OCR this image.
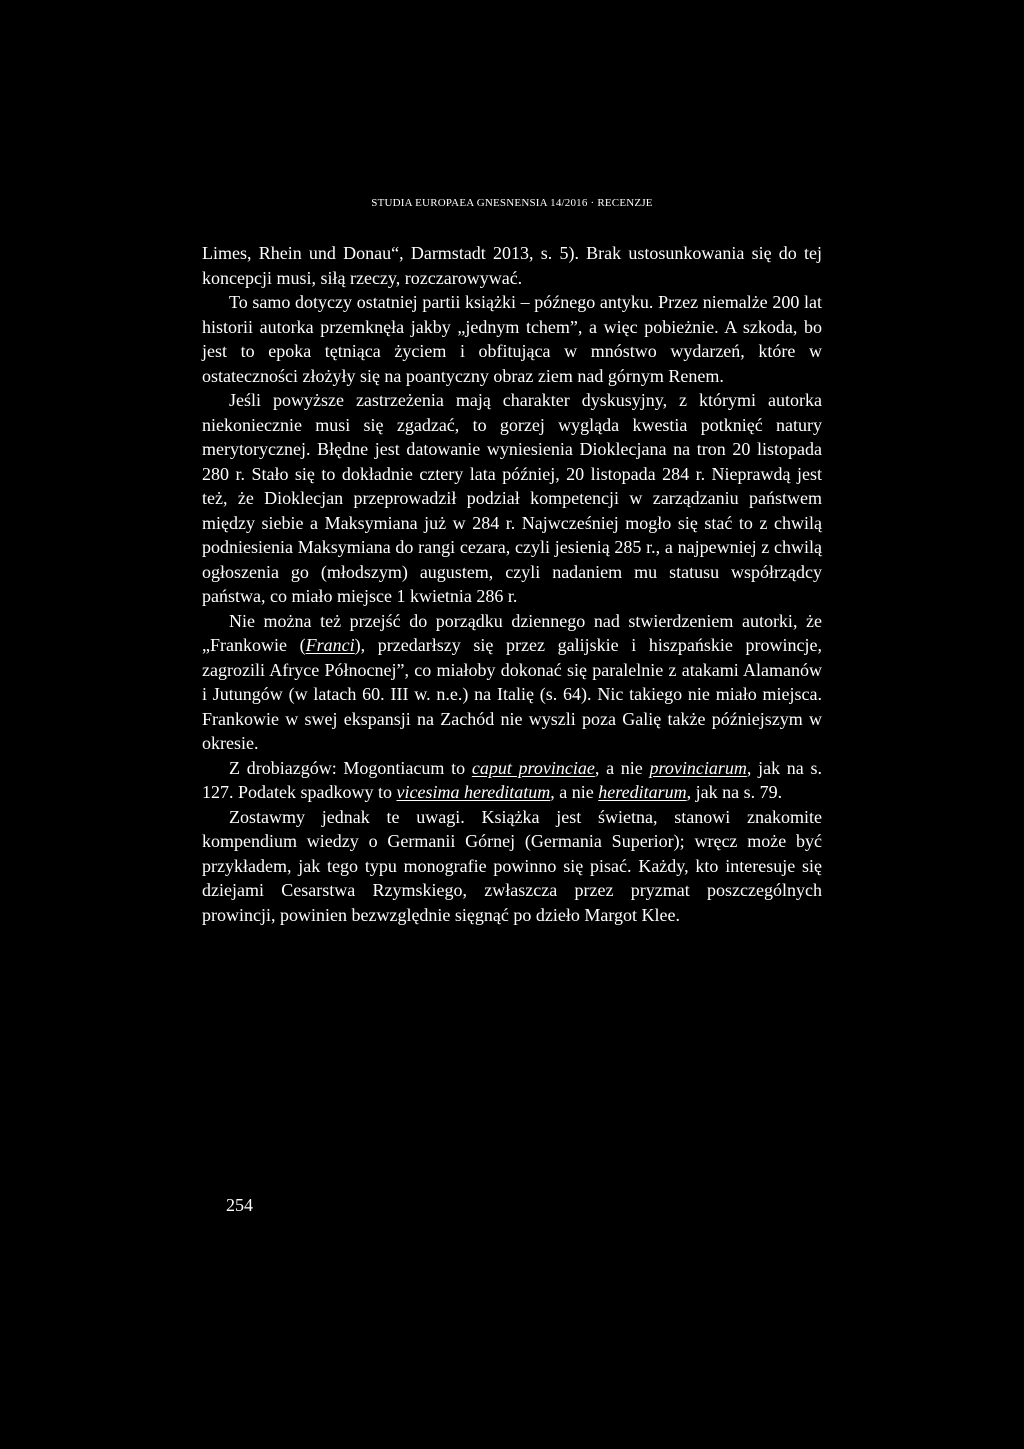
STUDIA EUROPAEA GNESNENSIA 14/2016 · RECENZJE

Limes, Rhein und Donau“, Darmstadt 2013, s. 5). Brak ustosunkowania się do tej koncepcji musi, siłą rzeczy, rozczarowywać.

To samo dotyczy ostatniej partii książki – późnego antyku. Przez niemalże 200 lat historii autorka przemknęła jakby „jednym tchem”, a więc pobieżnie. A szkoda, bo jest to epoka tętniąca życiem i obfitująca w mnóstwo wydarzeń, które w ostateczności złożyły się na poantyczny obraz ziem nad górnym Renem.

Jeśli powyższe zastrzeżenia mają charakter dyskusyjny, z którymi autorka niekoniecznie musi się zgadzać, to gorzej wygląda kwestia potknięć natury merytorycznej. Błędne jest datowanie wyniesienia Dioklecjana na tron 20 listopada 280 r. Stało się to dokładnie cztery lata później, 20 listopada 284 r. Nieprawdą jest też, że Dioklecjan przeprowadził podział kompetencji w zarządzaniu państwem między siebie a Maksymiana już w 284 r. Najwcześniej mogło się stać to z chwilą podniesienia Maksymiana do rangi cezara, czyli jesienią 285 r., a najpewniej z chwilą ogłoszenia go (młodszym) augustem, czyli nadaniem mu statusu współrządcy państwa, co miało miejsce 1 kwietnia 286 r.

Nie można też przejść do porządku dziennego nad stwierdzeniem autorki, że „Frankowie (Franci), przedarłszy się przez galijskie i hiszpańskie prowincje, zagrozili Afryce Północnej”, co miałoby dokonać się paralelnie z atakami Alamanów i Jutungów (w latach 60. III w. n.e.) na Italię (s. 64). Nic takiego nie miało miejsca. Frankowie w swej ekspansji na Zachód nie wyszli poza Galię także późniejszym w okresie.

Z drobiazgów: Mogontiacum to caput provinciae, a nie provinciarum, jak na s. 127. Podatek spadkowy to vicesima hereditatum, a nie hereditarum, jak na s. 79.

Zostawmy jednak te uwagi. Książka jest świetna, stanowi znakomite kompendium wiedzy o Germanii Górnej (Germania Superior); wręcz może być przykładem, jak tego typu monografie powinno się pisać. Każdy, kto interesuje się dziejami Cesarstwa Rzymskiego, zwłaszcza przez pryzmat poszczególnych prowincji, powinien bezwzględnie sięgnąć po dzieło Margot Klee.

254
